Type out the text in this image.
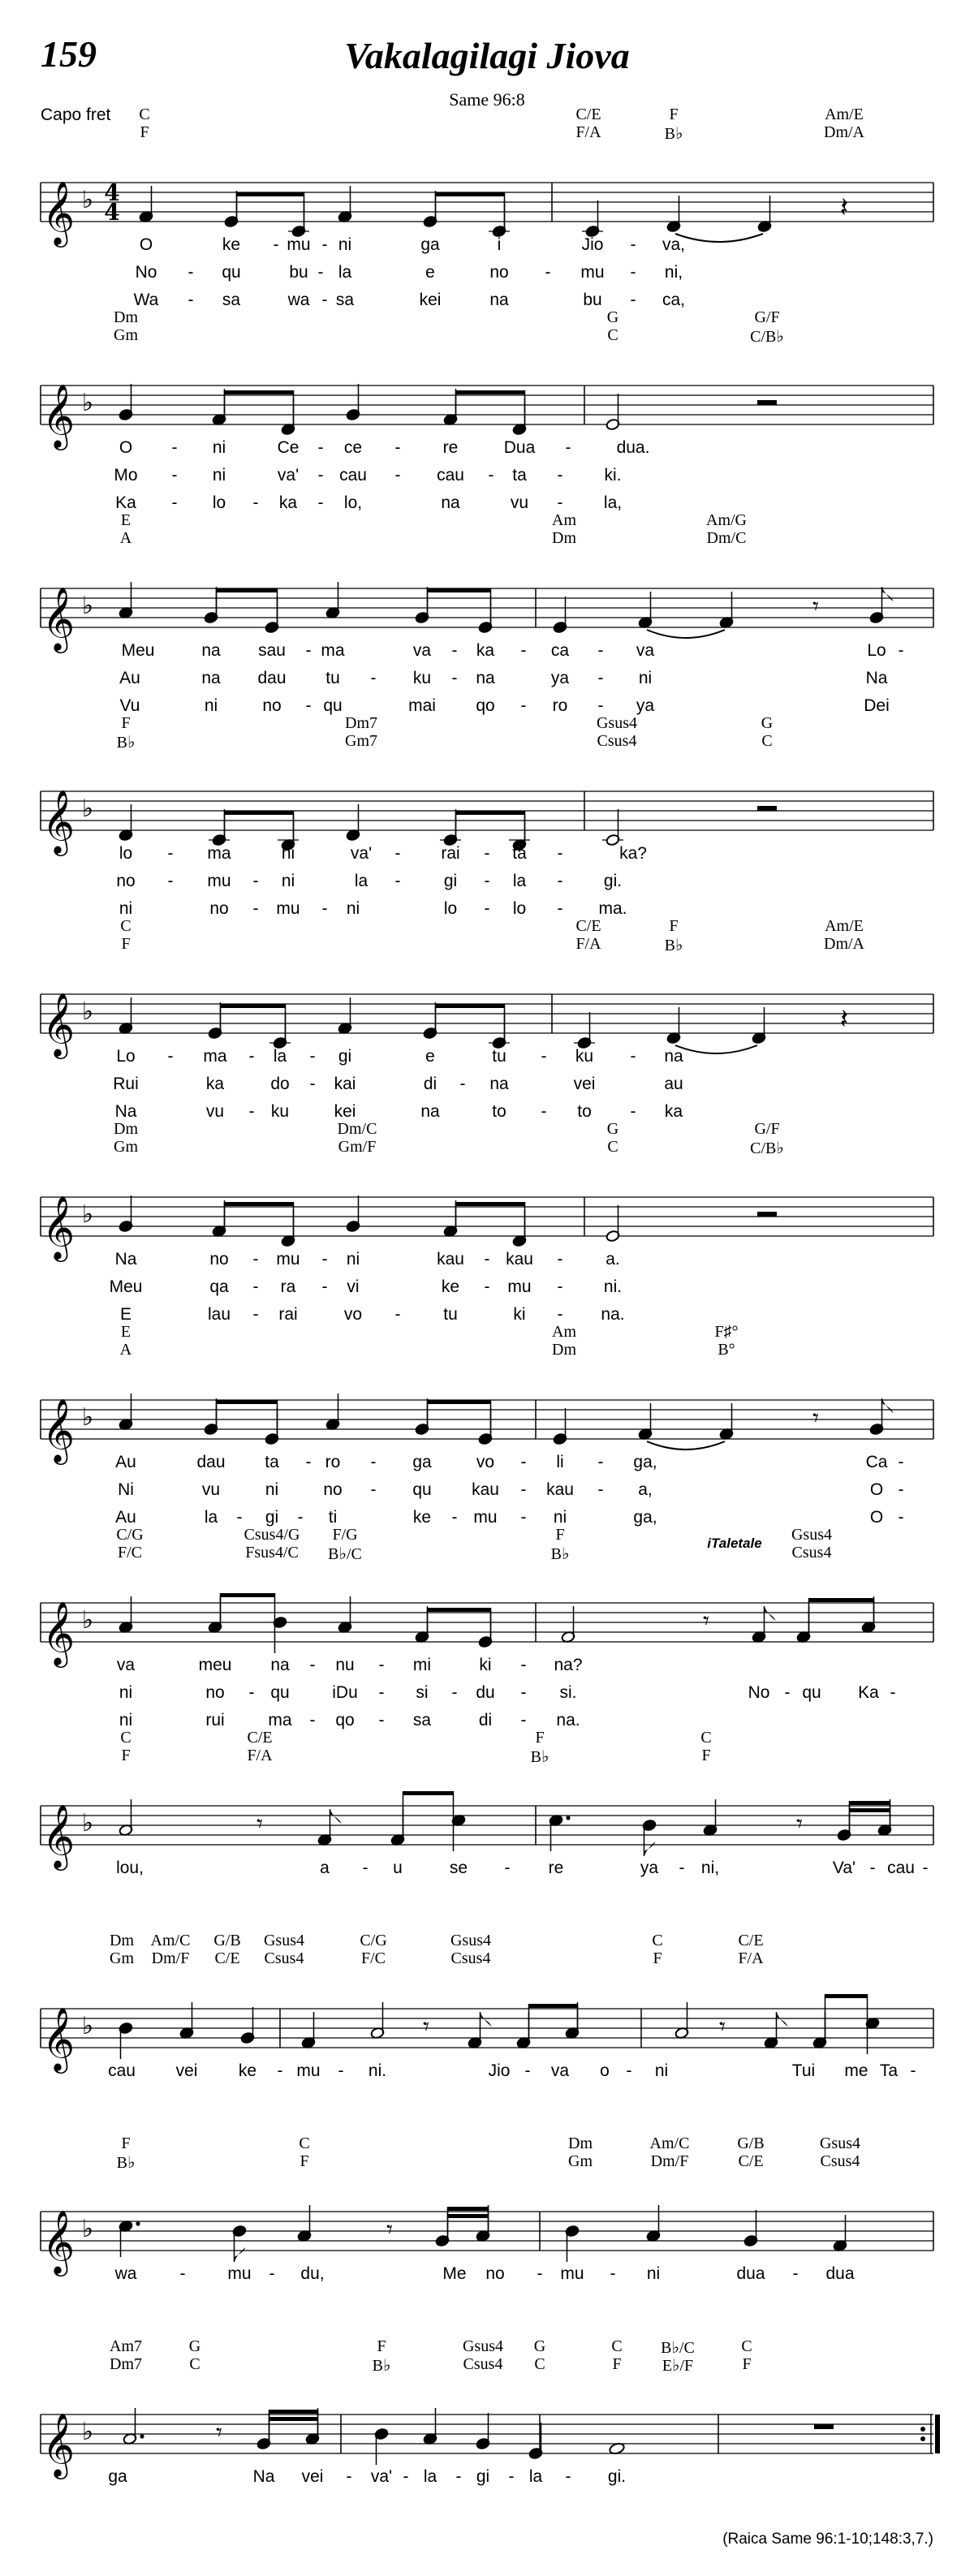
159	Vakalagilagi Jiova
Same 96:8
Capo fret
𝄞 ♭ 4
4	𝄽
C
F
C/E
F/A
F
B♭
Am/E
Dm/A
O	ke - mu - ni	ga	i	Jio - va,
No - qu	bu - la	e	no - mu - ni,
Wa - sa	wa - sa	kei	na	bu - ca,
𝄞 ♭
Dm
Gm
G
C
G/F
C/B♭
O - ni	Ce - ce - re	Dua -	dua.
Mo - ni	va' - cau - cau - ta - ki.
Ka - lo - ka - lo,	na	vu - la,
𝄞 ♭	𝄾
E
A
Am
Dm
Am/G
Dm/C
Meu	na sau - ma	va - ka - ca - va	Lo -
Au	na dau tu - ku - na	ya - ni	Na
Vu	ni	no - qu	mai qo - ro - ya	Dei
𝄞 ♭
F
B♭
Dm7
Gm7
Gsus4
Csus4
G
C
lo - ma	ni	va' - rai - ta -	ka?
no - mu - ni	la -	gi - la - gi.
ni	no - mu - ni	lo - lo - ma.
𝄞 ♭	𝄽
C
F
C/E
F/A
F
B♭
Am/E
Dm/A
Lo - ma - la - gi	e	tu - ku - na
Rui	ka	do - kai	di - na	vei	au
Na	vu - ku	kei	na	to - to - ka
𝄞 ♭
Dm
Gm
Dm/C
Gm/F
G
C
G/F
C/B♭
Na	no - mu - ni	kau - kau -	a.
Meu	qa - ra - vi	ke - mu - ni.
E	lau - rai	vo -	tu	ki - na.
𝄞 ♭	𝄾
E
A
Am
Dm
F♯°
B°
Au	dau ta - ro - ga	vo - li - ga,	Ca -
Ni	vu	ni	no - qu kau - kau - a,	O -
Au	la - gi - ti	ke - mu - ni	ga,	O -
𝄞 ♭	𝄾
C/G
F/C
Csus4/G
Fsus4/C
F/G
B♭/C
F
B♭
Gsus4
Csus4
iTaletale
va	meu na - nu - mi	ki - na?
ni	no - qu	iDu - si - du - si.	No - qu Ka -
ni	rui	ma - qo - sa	di - na.
𝄞 ♭	𝄾	𝄾
C
F
C/E
F/A
F
B♭
C
F
lou,	a - u	se - re	ya - ni,	Va' - cau -
𝄞 ♭	𝄾	𝄾
Dm
Gm
Am/C
Dm/F
G/B
C/E
Gsus4
Csus4
C/G
F/C
Gsus4
Csus4
C
F
C/E
F/A
cau vei ke - mu - ni.	Jio - va o - ni	Tui me Ta -
𝄞 ♭	𝄾
F
B♭
C
F
Dm
Gm
Am/C
Dm/F
G/B
C/E
Gsus4
Csus4
wa	- mu - du,	Me no - mu - ni	dua - dua
𝄞 ♭	𝄾
Am7
Dm7
G
C
F
B♭
Gsus4
Csus4
G
C
C
F
B♭/C
E♭/F
C
F
ga	Na vei - va' - la - gi - la - gi.
(Raica Same 96:1-10;148:3,7.)
